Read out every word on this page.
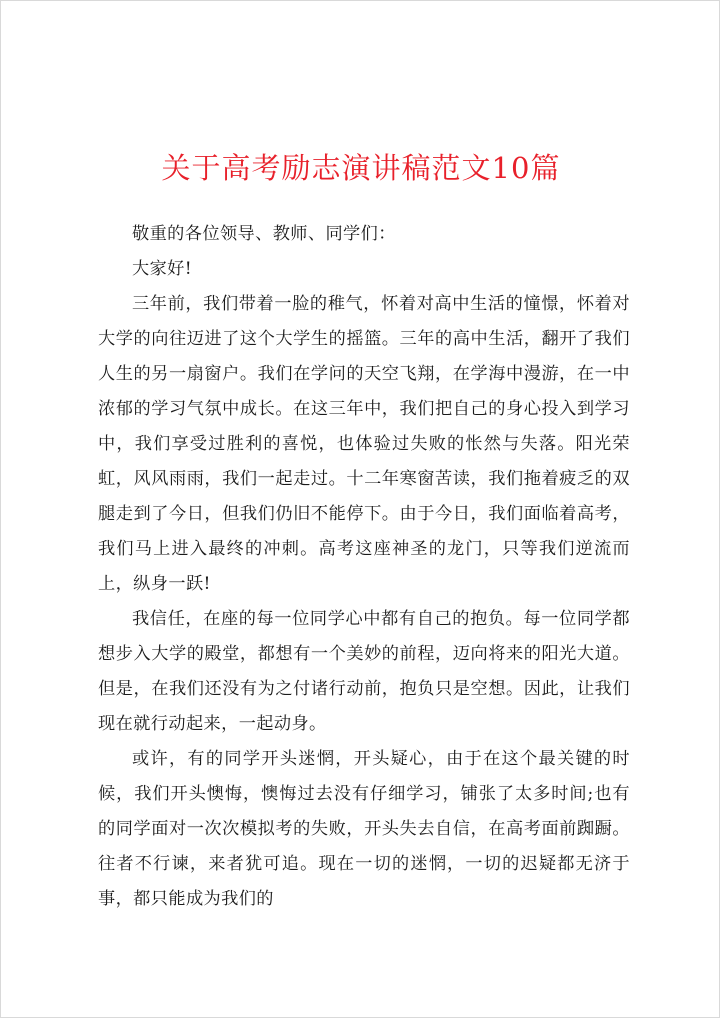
关于高考励志演讲稿范文10篇

敬重的各位领导、教师、同学们：

大家好!

三年前，我们带着一脸的稚气，怀着对高中生活的憧憬，怀着对大学的向往迈进了这个大学生的摇篮。三年的高中生活，翻开了我们人生的另一扇窗户。我们在学问的天空飞翔，在学海中漫游，在一中浓郁的学习气氛中成长。在这三年中，我们把自己的身心投入到学习中，我们享受过胜利的喜悦，也体验过失败的怅然与失落。阳光荣虹，风风雨雨，我们一起走过。十二年寒窗苦读，我们拖着疲乏的双腿走到了今日，但我们仍旧不能停下。由于今日，我们面临着高考，我们马上进入最终的冲刺。高考这座神圣的龙门，只等我们逆流而上，纵身一跃!

我信任，在座的每一位同学心中都有自己的抱负。每一位同学都想步入大学的殿堂，都想有一个美妙的前程，迈向将来的阳光大道。但是，在我们还没有为之付诸行动前，抱负只是空想。因此，让我们现在就行动起来，一起动身。

或许，有的同学开头迷惘，开头疑心，由于在这个最关键的时候，我们开头懊悔，懊悔过去没有仔细学习，铺张了太多时间;也有的同学面对一次次模拟考的失败，开头失去自信，在高考面前踟蹰。往者不行谏，来者犹可追。现在一切的迷惘，一切的迟疑都无济于事，都只能成为我们的
